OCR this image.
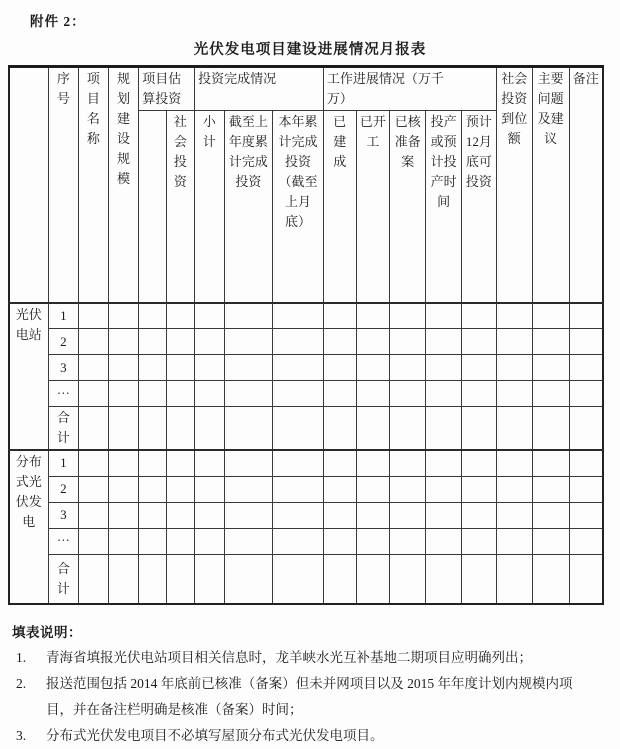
附件 2：
光伏发电项目建设进展情况月报表
	序号	项目名称	规划建设规模	项目估算投资		投资完成情况			工作进展情况（万千万）					社会投资到位额	主要问题及建议	备注
					社会投资	小计	截至上年度累计完成投资	本年累计完成投资（截至上月底）	已建成	已开工	已核准备案	投产或预计投产时间	预计12月底可投资			
光伏电站	1															
	2															
	3															
	⋯															
	合计															
分布式光伏发电	1															
	2															
	3															
	⋯															
	合计															
填表说明：
1.	青海省填报光伏电站项目相关信息时，龙羊峡水光互补基地二期项目应明确列出；
2.	报送范围包括 2014 年底前已核准（备案）但未并网项目以及 2015 年年度计划内规模内项目，并在备注栏明确是核准（备案）时间；
3.	分布式光伏发电项目不必填写屋顶分布式光伏发电项目。
